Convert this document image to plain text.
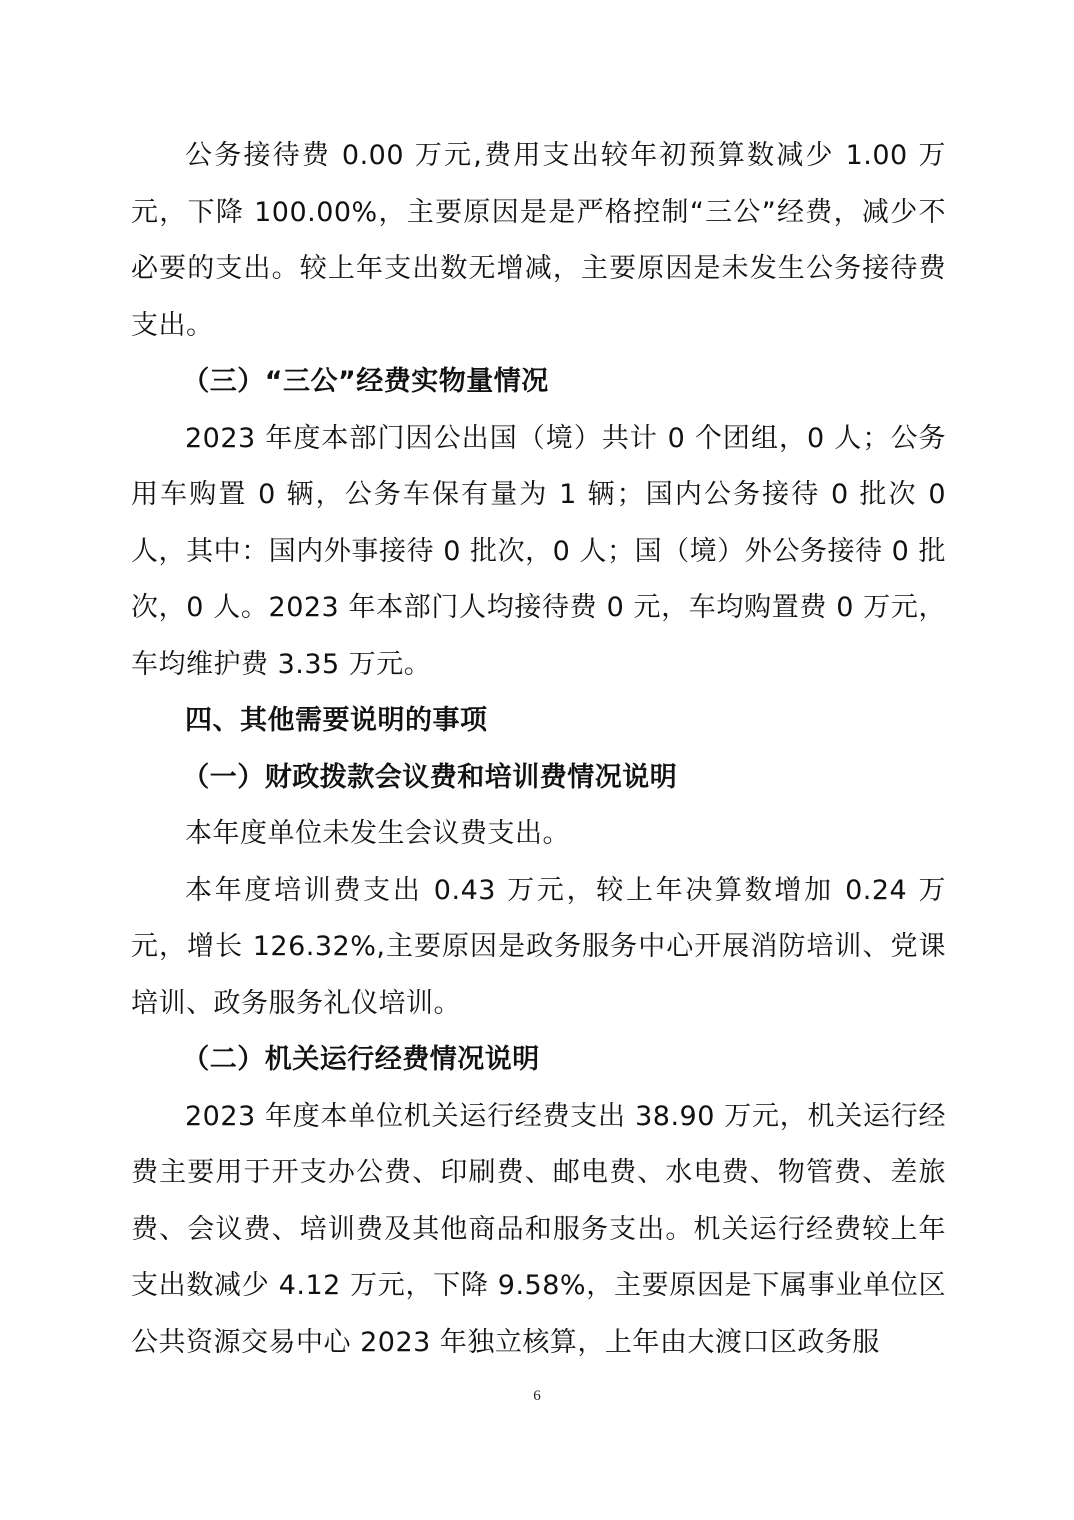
公务接待费 0.00 万元,费用支出较年初预算数减少 1.00 万元，下降 100.00%，主要原因是是严格控制“三公”经费，减少不必要的支出。较上年支出数无增减，主要原因是未发生公务接待费支出。

（三）“三公”经费实物量情况

2023 年度本部门因公出国（境）共计 0 个团组，0 人；公务用车购置 0 辆，公务车保有量为 1 辆；国内公务接待 0 批次 0 人，其中：国内外事接待 0 批次，0 人；国（境）外公务接待 0 批次，0 人。2023 年本部门人均接待费 0 元，车均购置费 0 万元，车均维护费 3.35 万元。

四、其他需要说明的事项

（一）财政拨款会议费和培训费情况说明

本年度单位未发生会议费支出。

本年度培训费支出 0.43 万元，较上年决算数增加 0.24 万元，增长 126.32%,主要原因是政务服务中心开展消防培训、党课培训、政务服务礼仪培训。

（二）机关运行经费情况说明

2023 年度本单位机关运行经费支出 38.90 万元，机关运行经费主要用于开支办公费、印刷费、邮电费、水电费、物管费、差旅费、会议费、培训费及其他商品和服务支出。机关运行经费较上年支出数减少 4.12 万元，下降 9.58%，主要原因是下属事业单位区公共资源交易中心 2023 年独立核算，上年由大渡口区政务服

6
